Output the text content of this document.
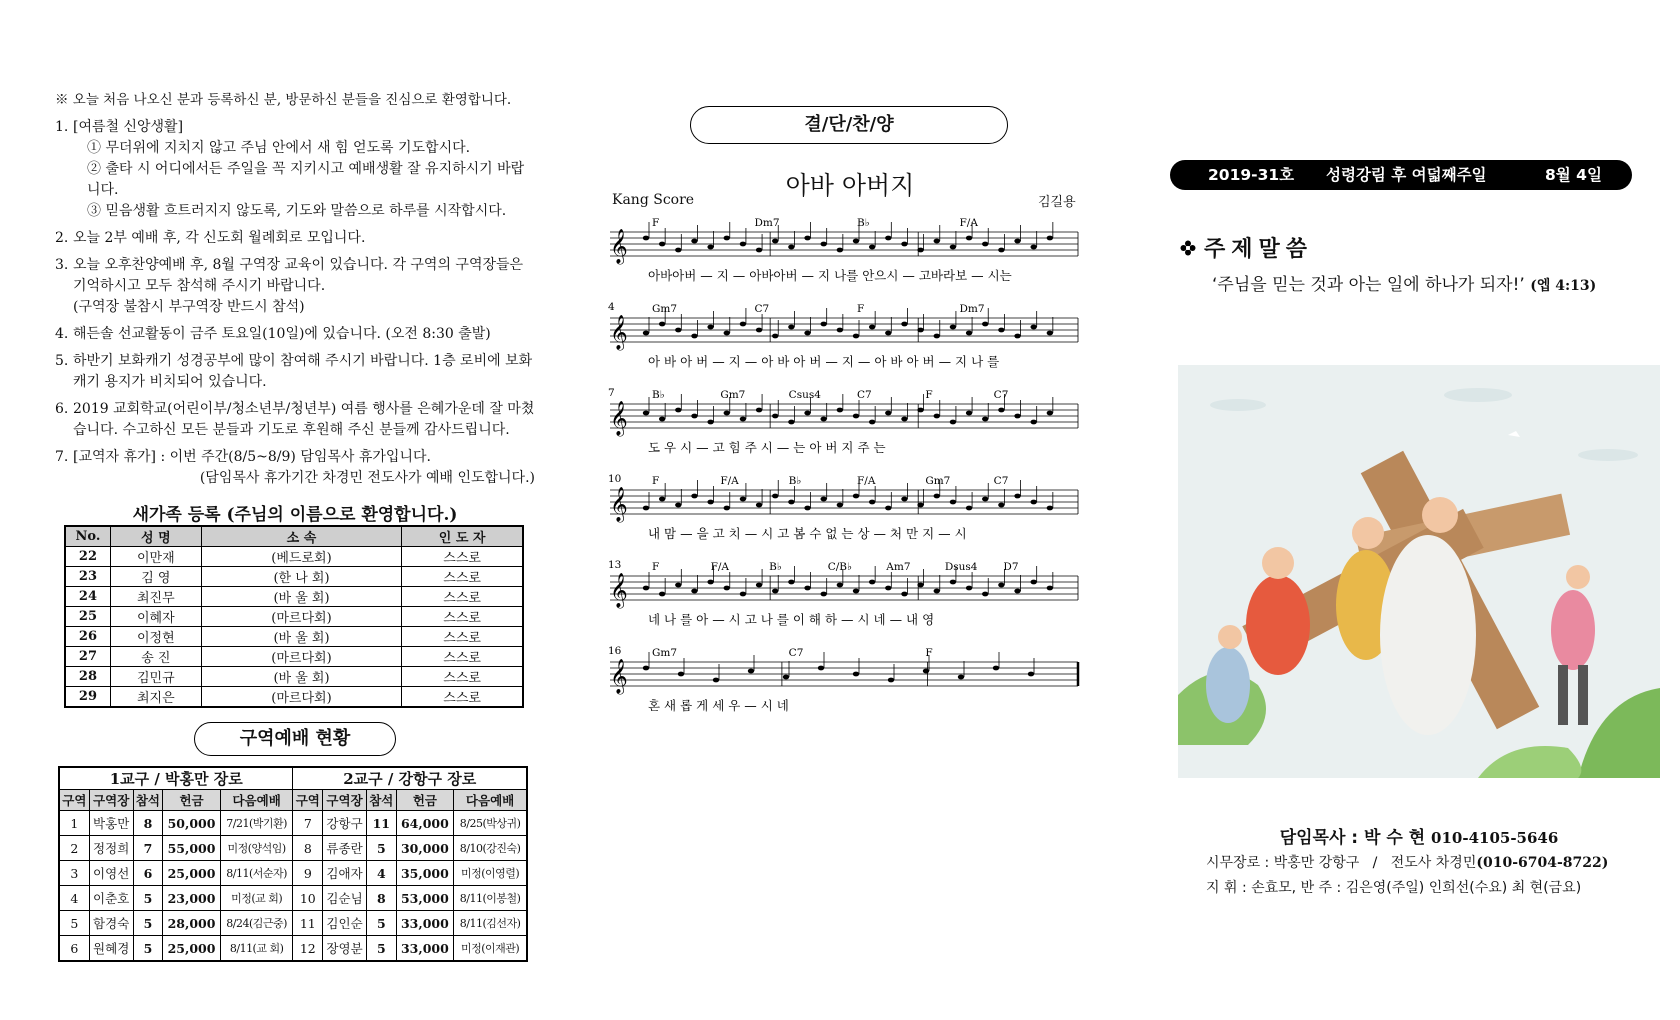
※ 오늘 처음 나오신 분과 등록하신 분, 방문하신 분들을 진심으로 환영합니다.
1. [여름철 신앙생활]
① 무더위에 지치지 않고 주님 안에서 새 힘 얻도록 기도합시다.
② 출타 시 어디에서든 주일을 꼭 지키시고 예배생활 잘 유지하시기 바랍니다.
③ 믿음생활 흐트러지지 않도록, 기도와 말씀으로 하루를 시작합시다.
2. 오늘 2부 예배 후, 각 신도회 월례회로 모입니다.
3. 오늘 오후찬양예배 후, 8월 구역장 교육이 있습니다. 각 구역의 구역장들은 기억하시고 모두 참석해 주시기 바랍니다.
(구역장 불참시 부구역장 반드시 참석)
4. 해든솔 선교활동이 금주 토요일(10일)에 있습니다. (오전 8:30 출발)
5. 하반기 보화캐기 성경공부에 많이 참여해 주시기 바랍니다. 1층 로비에 보화캐기 용지가 비치되어 있습니다.
6. 2019 교회학교(어린이부/청소년부/청년부) 여름 행사를 은혜가운데 잘 마쳤습니다. 수고하신 모든 분들과 기도로 후원해 주신 분들께 감사드립니다.
7. [교역자 휴가] : 이번 주간(8/5~8/9) 담임목사 휴가입니다.
(담임목사 휴가기간 차경민 전도사가 예배 인도합니다.)
새가족 등록 (주님의 이름으로 환영합니다.)
No.	성 명	소 속	인 도 자
22	이만재	(베드로회)	스스로
23	김 영	(한 나 회)	스스로
24	최진무	(바 울 회)	스스로
25	이혜자	(마르다회)	스스로
26	이정현	(바 울 회)	스스로
27	송 진	(마르다회)	스스로
28	김민규	(바 울 회)	스스로
29	최지은	(마르다회)	스스로
구역예배 현황
1교구 / 박홍만 장로					2교구 / 강항구 장로				
구역	구역장	참석	헌금	다음예배	구역	구역장	참석	헌금	다음예배
1	박홍만	8	50,000	7/21(박기환)	7	강항구	11	64,000	8/25(박상귀)
2	정정희	7	55,000	미정(양석임)	8	류종란	5	30,000	8/10(강진숙)
3	이영선	6	25,000	8/11(서순자)	9	김애자	4	35,000	미정(이영렬)
4	이춘호	5	23,000	미정(교 회)	10	김순님	8	53,000	8/11(이봉철)
5	함경숙	5	28,000	8/24(김근중)	11	김인순	5	33,000	8/11(김선자)
6	원혜경	5	25,000	8/11(교 회)	12	장영분	5	33,000	미정(이재관)
결/단/찬/양
아바 아버지
Kang Score	김길용
𝄞
F	Dm7	B♭	F/A
아바아버 — 지 — 아바아버 — 지 나를 안으시 — 고바라보 — 시는
𝄞
4	Gm7	C7	F	Dm7
아 바 아 버 — 지 — 아 바 아 버 — 지 — 아 바 아 버 — 지 나 를
𝄞
7	B♭	Gm7	Csus4	C7	F	C7
도 우 시 — 고 힘 주 시 — 는 아 버 지 주 는
𝄞
10	F	F/A	B♭	F/A	Gm7	C7
내 맘 — 을 고 치 — 시 고 봄 수 없 는 상 — 처 만 지 — 시
𝄞
13	F	F/A	B♭	C/B♭	Am7	Dsus4 D7
네 나 를 아 — 시 고 나 를 이 해 하 — 시 네 — 내 영
𝄞
16	Gm7	C7	F
혼 새 롭 게 세 우 — 시 네
2019-31호 성령강림 후 여덟째주일	8월 4일
주제말씀
‘주님을 믿는 것과 아는 일에 하나가 되자!’ (엡 4:13)
담임목사 : 박 수 현 010-4105-5646
시무장로 : 박홍만 강항구 / 전도사 차경민(010-6704-8722)
지 휘 : 손효모, 반 주 : 김은영(주일) 인희선(수요) 최 현(금요)
